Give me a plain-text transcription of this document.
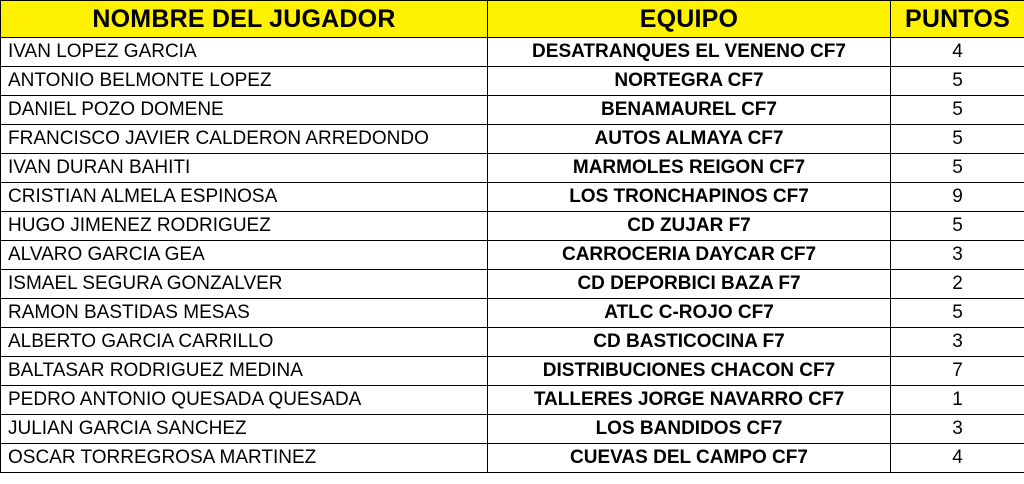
NOMBRE DEL JUGADOR	EQUIPO	PUNTOS
IVAN LOPEZ GARCIA	DESATRANQUES EL VENENO CF7	4
ANTONIO BELMONTE LOPEZ	NORTEGRA CF7	5
DANIEL POZO DOMENE	BENAMAUREL CF7	5
FRANCISCO JAVIER CALDERON ARREDONDO	AUTOS ALMAYA CF7	5
IVAN DURAN BAHITI	MARMOLES REIGON CF7	5
CRISTIAN ALMELA ESPINOSA	LOS TRONCHAPINOS CF7	9
HUGO JIMENEZ RODRIGUEZ	CD ZUJAR F7	5
ALVARO GARCIA GEA	CARROCERIA DAYCAR CF7	3
ISMAEL SEGURA GONZALVER	CD DEPORBICI BAZA F7	2
RAMON BASTIDAS MESAS	ATLC C-ROJO CF7	5
ALBERTO GARCIA CARRILLO	CD BASTICOCINA F7	3
BALTASAR RODRIGUEZ MEDINA	DISTRIBUCIONES CHACON CF7	7
PEDRO ANTONIO QUESADA QUESADA	TALLERES JORGE NAVARRO CF7	1
JULIAN GARCIA SANCHEZ	LOS BANDIDOS CF7	3
OSCAR TORREGROSA MARTINEZ	CUEVAS DEL CAMPO CF7	4
